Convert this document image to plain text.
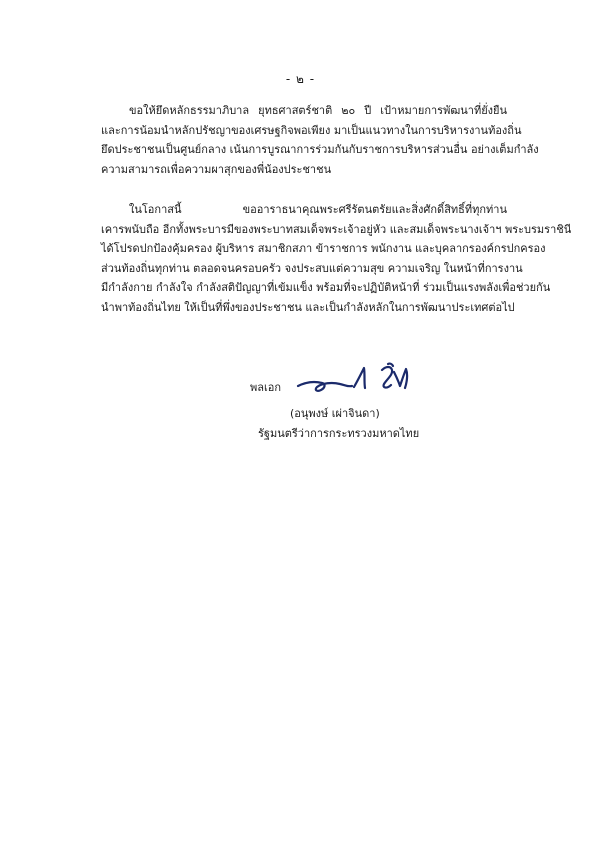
- ๒ -
ขอให้ยึดหลักธรรมาภิบาล ยุทธศาสตร์ชาติ ๒๐ ปี เป้าหมายการพัฒนาที่ยั่งยืน
และการน้อมนำหลักปรัชญาของเศรษฐกิจพอเพียง มาเป็นแนวทางในการบริหารงานท้องถิ่น
ยึดประชาชนเป็นศูนย์กลาง เน้นการบูรณาการร่วมกันกับราชการบริหารส่วนอื่น อย่างเต็มกำลัง
ความสามารถเพื่อความผาสุกของพี่น้องประชาชน
ในโอกาสนี้ ขออาราธนาคุณพระศรีรัตนตรัยและสิ่งศักดิ์สิทธิ์ที่ทุกท่าน
เคารพนับถือ อีกทั้งพระบารมีของพระบาทสมเด็จพระเจ้าอยู่หัว และสมเด็จพระนางเจ้าฯ พระบรมราชินี
ได้โปรดปกป้องคุ้มครอง ผู้บริหาร สมาชิกสภา ข้าราชการ พนักงาน และบุคลากรองค์กรปกครอง
ส่วนท้องถิ่นทุกท่าน ตลอดจนครอบครัว จงประสบแต่ความสุข ความเจริญ ในหน้าที่การงาน
มีกำลังกาย กำลังใจ กำลังสติปัญญาที่เข้มแข็ง พร้อมที่จะปฏิบัติหน้าที่ ร่วมเป็นแรงพลังเพื่อช่วยกัน
นำพาท้องถิ่นไทย ให้เป็นที่พึ่งของประชาชน และเป็นกำลังหลักในการพัฒนาประเทศต่อไป
พลเอก
(อนุพงษ์ เผ่าจินดา)
รัฐมนตรีว่าการกระทรวงมหาดไทย
